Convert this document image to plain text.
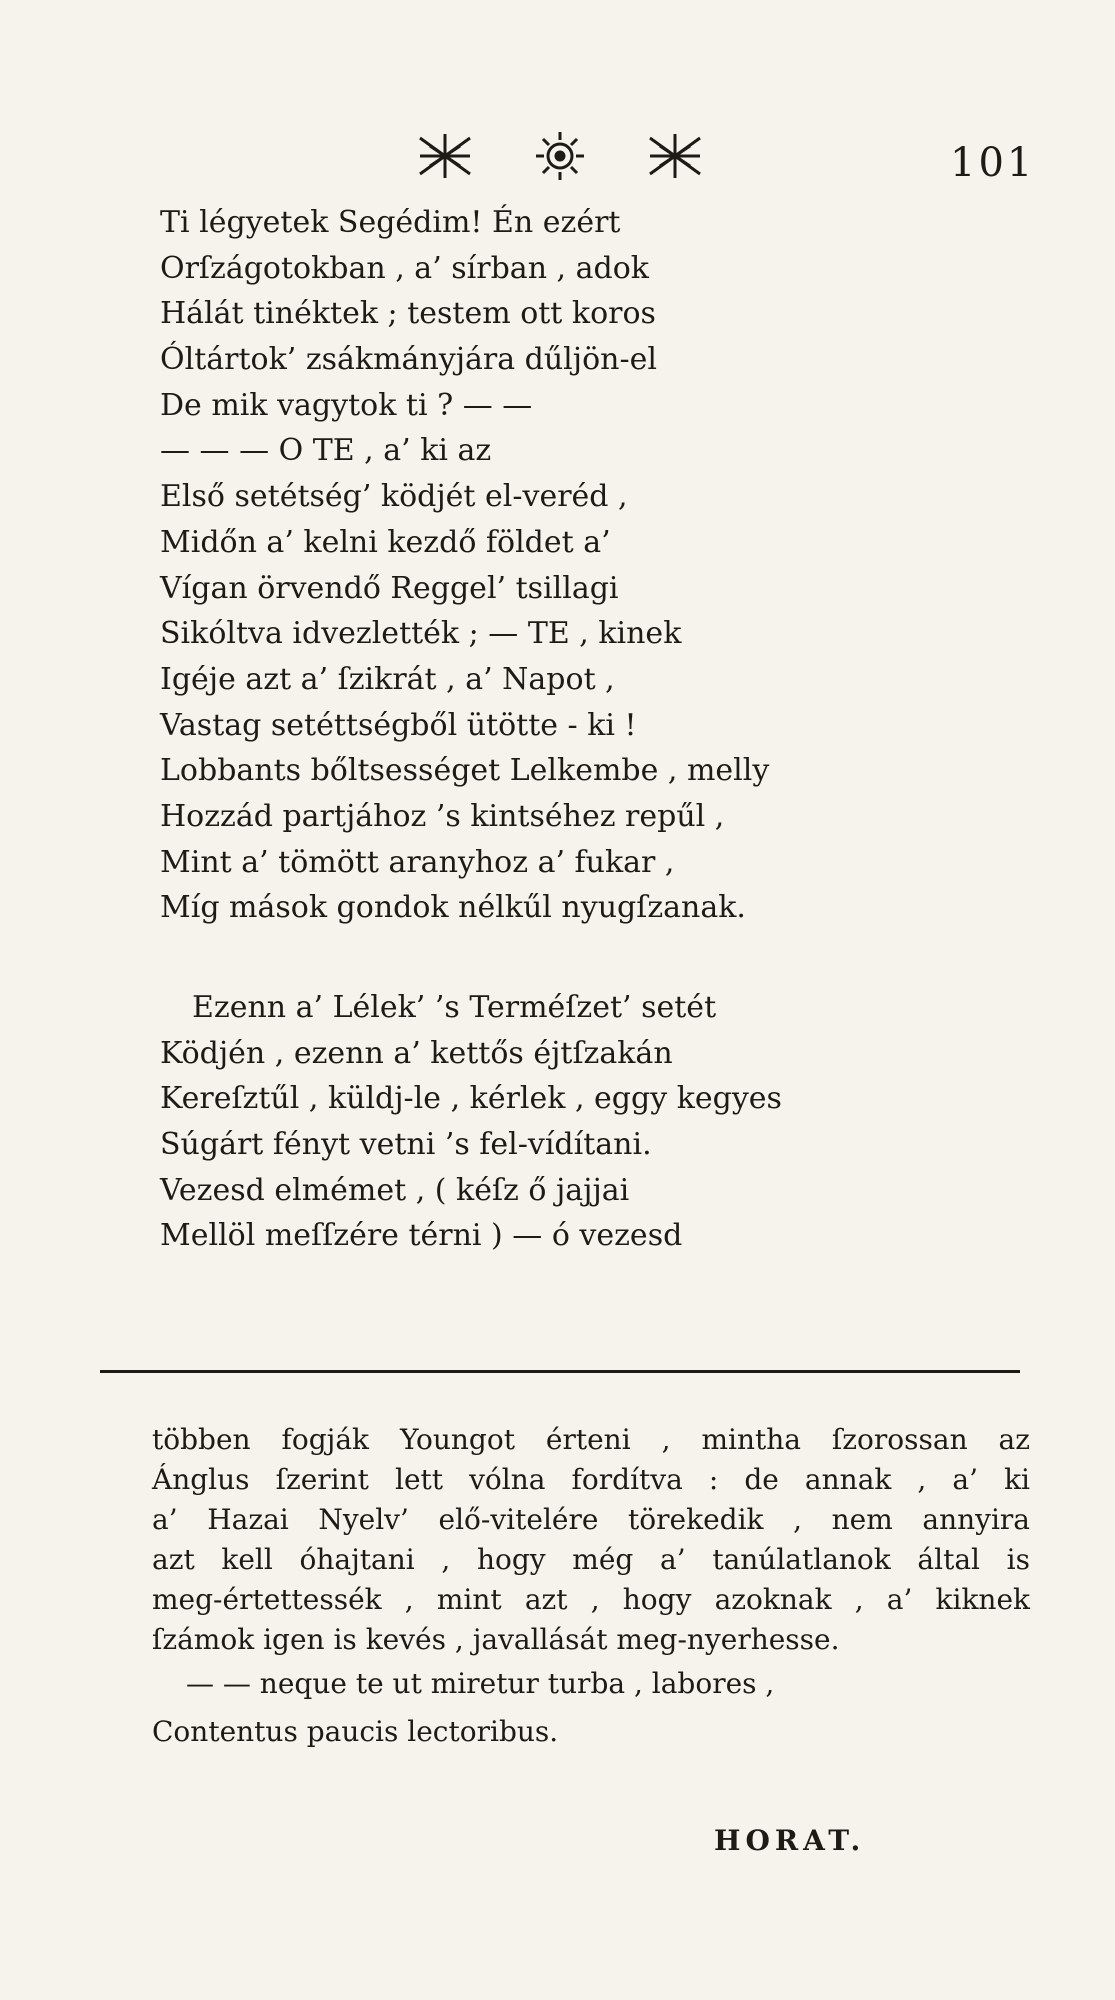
101
Ti légyetek Segédim! Én ezért
Orſzágotokban , a’ sírban , adok
Hálát tinéktek ; testem ott koros
Óltártok’ zsákmányjára dűljön-el
De mik vagytok ti ? — —
— — — O TE , a’ ki az
Első setétség’ ködjét el-veréd ,
Midőn a’ kelni kezdő földet a’
Vígan örvendő Reggel’ tsillagi
Sikóltva idvezlették ; — TE , kinek
Igéje azt a’ ſzikrát , a’ Napot ,
Vastag setéttségből ütötte - ki !
Lobbants bőltsességet Lelkembe , melly
Hozzád partjához ’s kintséhez repűl ,
Mint a’ tömött aranyhoz a’ fukar ,
Míg mások gondok nélkűl nyugſzanak.
Ezenn a’ Lélek’ ’s Terméſzet’ setét
Ködjén , ezenn a’ kettős éjtſzakán
Kereſztűl , küldj-le , kérlek , eggy kegyes
Súgárt fényt vetni ’s fel-vídítani.
Vezesd elmémet , ( kéſz ő jajjai
Mellöl meſſzére térni ) — ó vezesd
többen fogják Youngot érteni , mintha ſzorossan az
Ánglus ſzerint lett vólna fordítva : de annak , a’ ki
a’ Hazai Nyelv’ elő-vitelére törekedik , nem annyira
azt kell óhajtani , hogy még a’ tanúlatlanok által is
meg-értettessék , mint azt , hogy azoknak , a’ kiknek
ſzámok igen is kevés , javallását meg-nyerhesse.
— — neque te ut miretur turba , labores ,
Contentus paucis lectoribus.
HORAT.
